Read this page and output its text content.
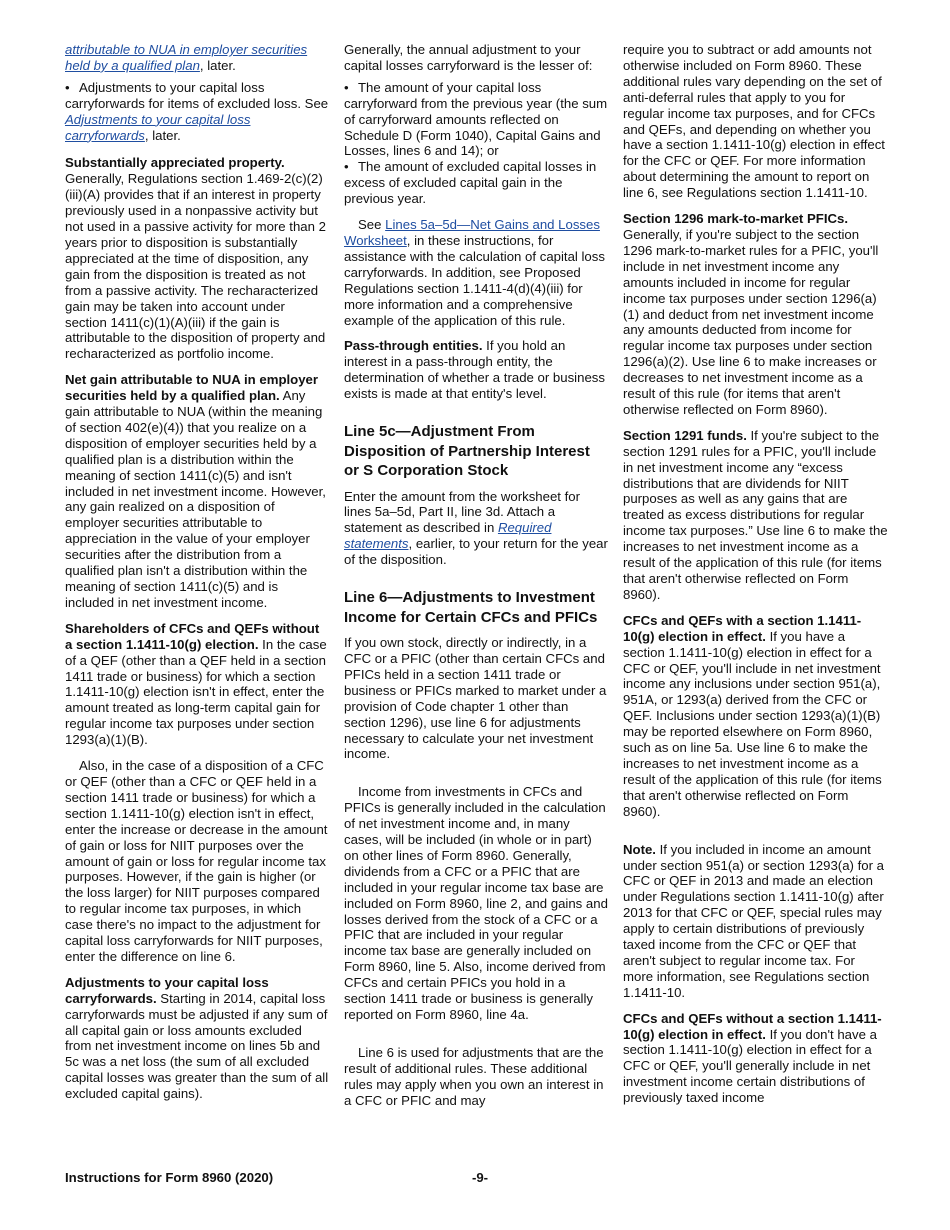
attributable to NUA in employer securities held by a qualified plan, later.

• Adjustments to your capital loss carryforwards for items of excluded loss. See Adjustments to your capital loss carryforwards, later.

Substantially appreciated property. Generally, Regulations section 1.469-2(c)(2)(iii)(A) provides that if an interest in property previously used in a nonpassive activity but not used in a passive activity for more than 2 years prior to disposition is substantially appreciated at the time of disposition, any gain from the disposition is treated as not from a passive activity. The recharacterized gain may be taken into account under section 1411(c)(1)(A)(iii) if the gain is attributable to the disposition of property and recharacterized as portfolio income.

Net gain attributable to NUA in employer securities held by a qualified plan. Any gain attributable to NUA (within the meaning of section 402(e)(4)) that you realize on a disposition of employer securities held by a qualified plan is a distribution within the meaning of section 1411(c)(5) and isn't included in net investment income. However, any gain realized on a disposition of employer securities attributable to appreciation in the value of your employer securities after the distribution from a qualified plan isn't a distribution within the meaning of section 1411(c)(5) and is included in net investment income.

Shareholders of CFCs and QEFs without a section 1.1411-10(g) election. In the case of a QEF (other than a QEF held in a section 1411 trade or business) for which a section 1.1411-10(g) election isn't in effect, enter the amount treated as long-term capital gain for regular income tax purposes under section 1293(a)(1)(B).

Also, in the case of a disposition of a CFC or QEF (other than a CFC or QEF held in a section 1411 trade or business) for which a section 1.1411-10(g) election isn't in effect, enter the increase or decrease in the amount of gain or loss for NIIT purposes over the amount of gain or loss for regular income tax purposes. However, if the gain is higher (or the loss larger) for NIIT purposes compared to regular income tax purposes, in which case there's no impact to the adjustment for capital loss carryforwards for NIIT purposes, enter the difference on line 6.

Adjustments to your capital loss carryforwards. Starting in 2014, capital loss carryforwards must be adjusted if any sum of all capital gain or loss amounts excluded from net investment income on lines 5b and 5c was a net loss (the sum of all excluded capital losses was greater than the sum of all excluded capital gains).

Generally, the annual adjustment to your capital losses carryforward is the lesser of:

• The amount of your capital loss carryforward from the previous year (the sum of carryforward amounts reflected on Schedule D (Form 1040), Capital Gains and Losses, lines 6 and 14); or

• The amount of excluded capital losses in excess of excluded capital gain in the previous year.

See Lines 5a–5d—Net Gains and Losses Worksheet, in these instructions, for assistance with the calculation of capital loss carryforwards. In addition, see Proposed Regulations section 1.1411-4(d)(4)(iii) for more information and a comprehensive example of the application of this rule.

Pass-through entities. If you hold an interest in a pass-through entity, the determination of whether a trade or business exists is made at that entity's level.

Line 5c—Adjustment From Disposition of Partnership Interest or S Corporation Stock

Enter the amount from the worksheet for lines 5a–5d, Part II, line 3d. Attach a statement as described in Required statements, earlier, to your return for the year of the disposition.

Line 6—Adjustments to Investment Income for Certain CFCs and PFICs

If you own stock, directly or indirectly, in a CFC or a PFIC (other than certain CFCs and PFICs held in a section 1411 trade or business or PFICs marked to market under a provision of Code chapter 1 other than section 1296), use line 6 for adjustments necessary to calculate your net investment income.

Income from investments in CFCs and PFICs is generally included in the calculation of net investment income and, in many cases, will be included (in whole or in part) on other lines of Form 8960. Generally, dividends from a CFC or a PFIC that are included in your regular income tax base are included on Form 8960, line 2, and gains and losses derived from the stock of a CFC or a PFIC that are included in your regular income tax base are generally included on Form 8960, line 5. Also, income derived from CFCs and certain PFICs you hold in a section 1411 trade or business is generally reported on Form 8960, line 4a.

Line 6 is used for adjustments that are the result of additional rules. These additional rules may apply when you own an interest in a CFC or PFIC and may

require you to subtract or add amounts not otherwise included on Form 8960. These additional rules vary depending on the set of anti-deferral rules that apply to you for regular income tax purposes, and for CFCs and QEFs, and depending on whether you have a section 1.1411-10(g) election in effect for the CFC or QEF. For more information about determining the amount to report on line 6, see Regulations section 1.1411-10.

Section 1296 mark-to-market PFICs. Generally, if you're subject to the section 1296 mark-to-market rules for a PFIC, you'll include in net investment income any amounts included in income for regular income tax purposes under section 1296(a)(1) and deduct from net investment income any amounts deducted from income for regular income tax purposes under section 1296(a)(2). Use line 6 to make increases or decreases to net investment income as a result of this rule (for items that aren't otherwise reflected on Form 8960).

Section 1291 funds. If you're subject to the section 1291 rules for a PFIC, you'll include in net investment income any “excess distributions that are dividends for NIIT purposes as well as any gains that are treated as excess distributions for regular income tax purposes.” Use line 6 to make the increases to net investment income as a result of the application of this rule (for items that aren't otherwise reflected on Form 8960).

CFCs and QEFs with a section 1.1411-10(g) election in effect. If you have a section 1.1411-10(g) election in effect for a CFC or QEF, you'll include in net investment income any inclusions under section 951(a), 951A, or 1293(a) derived from the CFC or QEF. Inclusions under section 1293(a)(1)(B) may be reported elsewhere on Form 8960, such as on line 5a. Use line 6 to make the increases to net investment income as a result of the application of this rule (for items that aren't otherwise reflected on Form 8960).

Note. If you included in income an amount under section 951(a) or section 1293(a) for a CFC or QEF in 2013 and made an election under Regulations section 1.1411-10(g) after 2013 for that CFC or QEF, special rules may apply to certain distributions of previously taxed income from the CFC or QEF that aren't subject to regular income tax. For more information, see Regulations section 1.1411-10.

CFCs and QEFs without a section 1.1411-10(g) election in effect. If you don't have a section 1.1411-10(g) election in effect for a CFC or QEF, you'll generally include in net investment income certain distributions of previously taxed income

Instructions for Form 8960 (2020)	-9-
